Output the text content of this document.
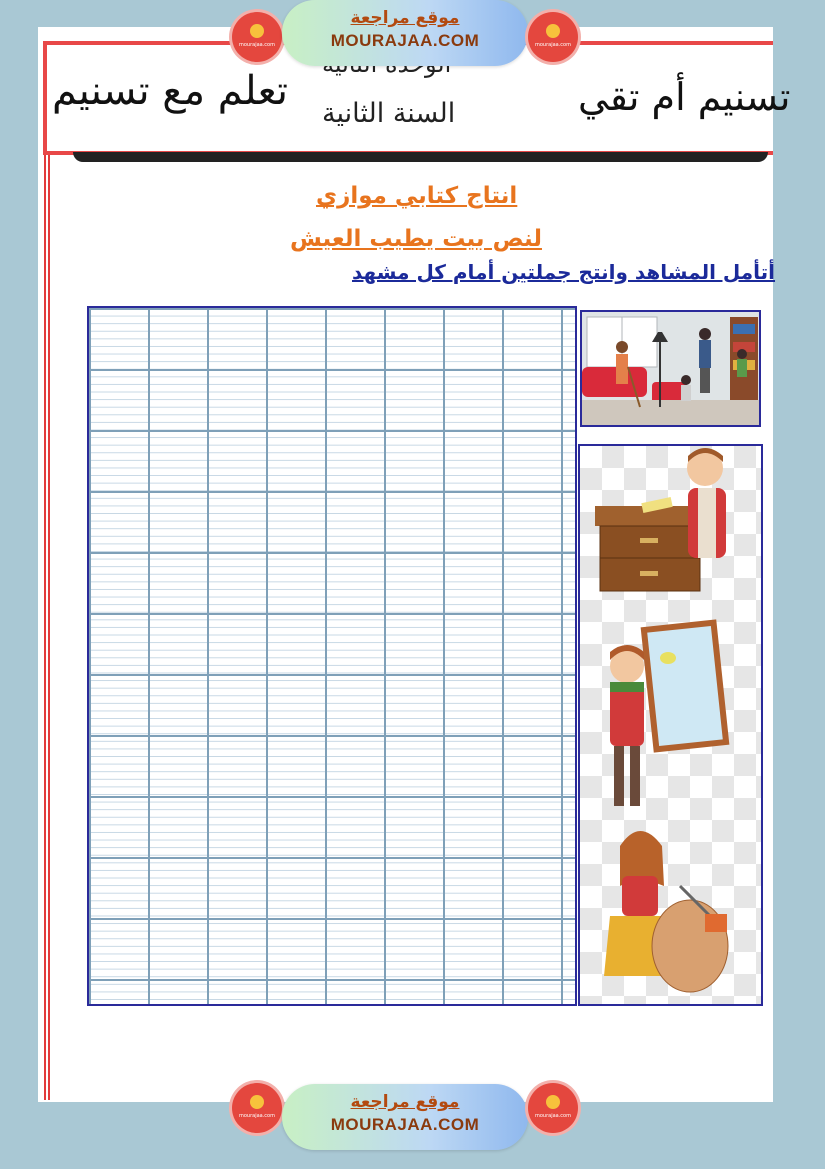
تعلم مع تسنيم السنة الثانية	تسنيم أم تقي
mourajaa.com
موقع مراجعة
MOURAJAA.COM	mourajaa.com
انتاج كتابي موازي
لنص بيت يطيب العيش
أتأمل المشاهد وانتج جملتين أمام كل مشهد
mourajaa.com
موقع مراجعة
MOURAJAA.COM	mourajaa.com
